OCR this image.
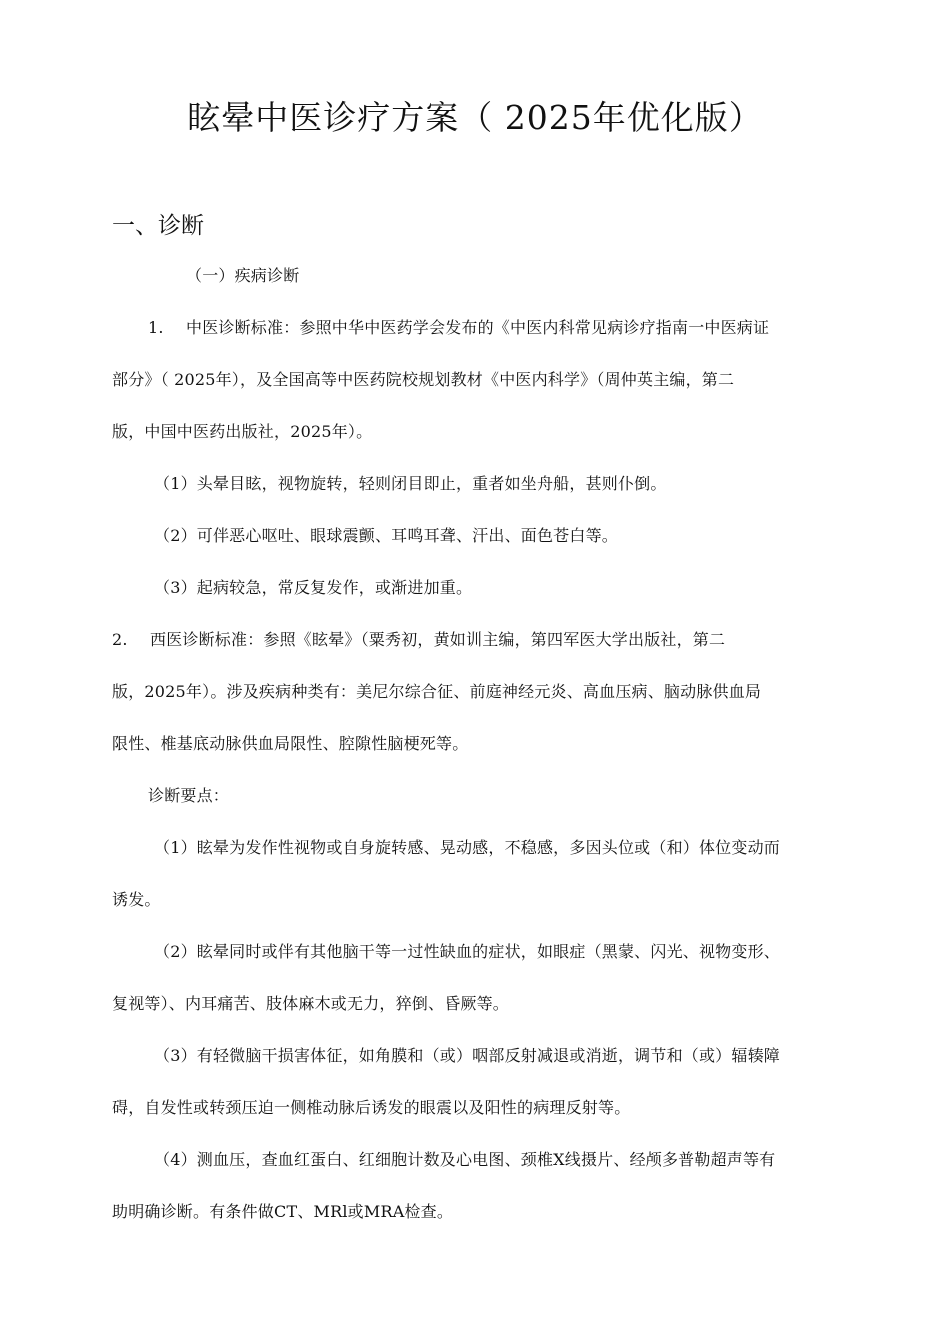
眩晕中医诊疗方案（ 2025年优化版）
一、诊断
（一）疾病诊断
1. 中医诊断标准：参照中华中医药学会发布的《中医内科常见病诊疗指南一中医病证
部分》（ 2025年），及全国高等中医药院校规划教材《中医内科学》（周仲英主编，第二
版，中国中医药出版社，2025年）。
（1）头晕目眩，视物旋转，轻则闭目即止，重者如坐舟船，甚则仆倒。
（2）可伴恶心呕吐、眼球震颤、耳鸣耳聋、汗出、面色苍白等。
（3）起病较急，常反复发作，或渐进加重。
2. 西医诊断标准：参照《眩晕》（粟秀初，黄如训主编，第四军医大学出版社，第二
版，2025年）。涉及疾病种类有：美尼尔综合征、前庭神经元炎、高血压病、脑动脉供血局
限性、椎基底动脉供血局限性、腔隙性脑梗死等。
诊断要点：
（1）眩晕为发作性视物或自身旋转感、晃动感，不稳感，多因头位或（和）体位变动而
诱发。
（2）眩晕同时或伴有其他脑干等一过性缺血的症状，如眼症（黑蒙、闪光、视物变形、
复视等）、内耳痛苦、肢体麻木或无力，猝倒、昏厥等。
（3）有轻微脑干损害体征，如角膜和（或）咽部反射减退或消逝，调节和（或）辐辏障
碍，自发性或转颈压迫一侧椎动脉后诱发的眼震以及阳性的病理反射等。
（4）测血压，查血红蛋白、红细胞计数及心电图、颈椎X线摄片、经颅多普勒超声等有
助明确诊断。有条件做CT、MRl或MRA检查。
